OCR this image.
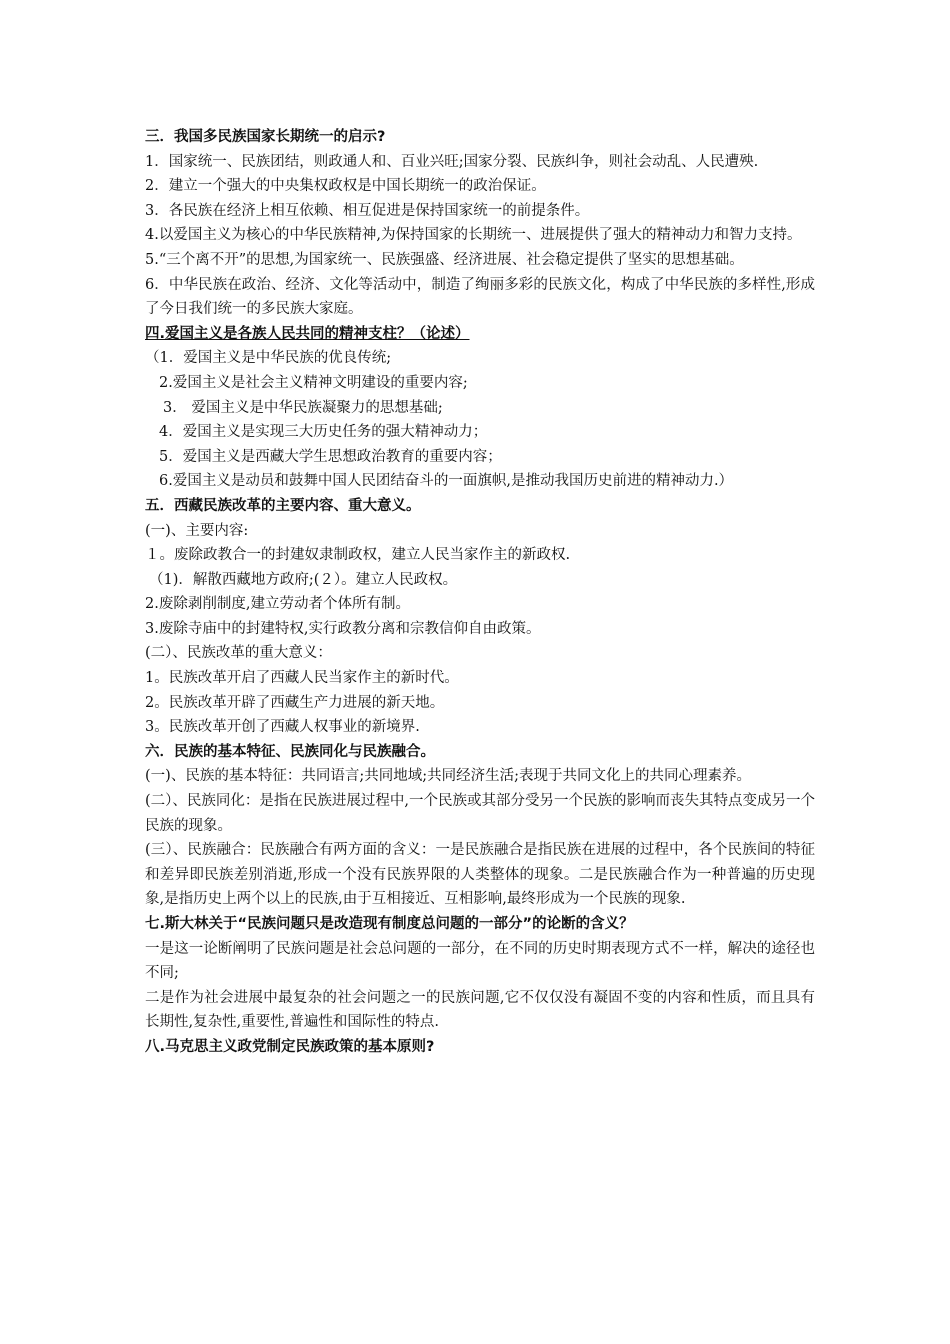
三．我国多民族国家长期统一的启示?
1．国家统一、民族团结，则政通人和、百业兴旺;国家分裂、民族纠争，则社会动乱、人民遭殃.
2．建立一个强大的中央集权政权是中国长期统一的政治保证。
3．各民族在经济上相互依赖、相互促进是保持国家统一的前提条件。
4.以爱国主义为核心的中华民族精神,为保持国家的长期统一、进展提供了强大的精神动力和智力支持。
5.“三个离不开”的思想,为国家统一、民族强盛、经济进展、社会稳定提供了坚实的思想基础。
6．中华民族在政治、经济、文化等活动中，制造了绚丽多彩的民族文化，构成了中华民族的多样性,形成了今日我们统一的多民族大家庭。
四.爱国主义是各族人民共同的精神支柱？（论述）
（1．爱国主义是中华民族的优良传统;
2.爱国主义是社会主义精神文明建设的重要内容;
3． 爱国主义是中华民族凝聚力的思想基础;
4．爱国主义是实现三大历史任务的强大精神动力；
5．爱国主义是西藏大学生思想政治教育的重要内容；
6.爱国主义是动员和鼓舞中国人民团结奋斗的一面旗帜,是推动我国历史前进的精神动力.）
五．西藏民族改革的主要内容、重大意义。
(一)、主要内容:
１。废除政教合一的封建奴隶制政权，建立人民当家作主的新政权.
（1)．解散西藏地方政府;(２）。建立人民政权。
2.废除剥削制度,建立劳动者个体所有制。
3.废除寺庙中的封建特权,实行政教分离和宗教信仰自由政策。
(二）、民族改革的重大意义：
1。民族改革开启了西藏人民当家作主的新时代。
2。民族改革开辟了西藏生产力进展的新天地。
3。民族改革开创了西藏人权事业的新境界.
六．民族的基本特征、民族同化与民族融合。
(一)、民族的基本特征：共同语言;共同地域;共同经济生活;表现于共同文化上的共同心理素养。
(二）、民族同化：是指在民族进展过程中,一个民族或其部分受另一个民族的影响而丧失其特点变成另一个民族的现象。
(三）、民族融合：民族融合有两方面的含义：一是民族融合是指民族在进展的过程中，各个民族间的特征和差异即民族差别消逝,形成一个没有民族界限的人类整体的现象。二是民族融合作为一种普遍的历史现象,是指历史上两个以上的民族,由于互相接近、互相影响,最终形成为一个民族的现象.
七.斯大林关于“民族问题只是改造现有制度总问题的一部分”的论断的含义？
一是这一论断阐明了民族问题是社会总问题的一部分，在不同的历史时期表现方式不一样，解决的途径也不同;
二是作为社会进展中最复杂的社会问题之一的民族问题,它不仅仅没有凝固不变的内容和性质，而且具有长期性,复杂性,重要性,普遍性和国际性的特点.
八.马克思主义政党制定民族政策的基本原则?
